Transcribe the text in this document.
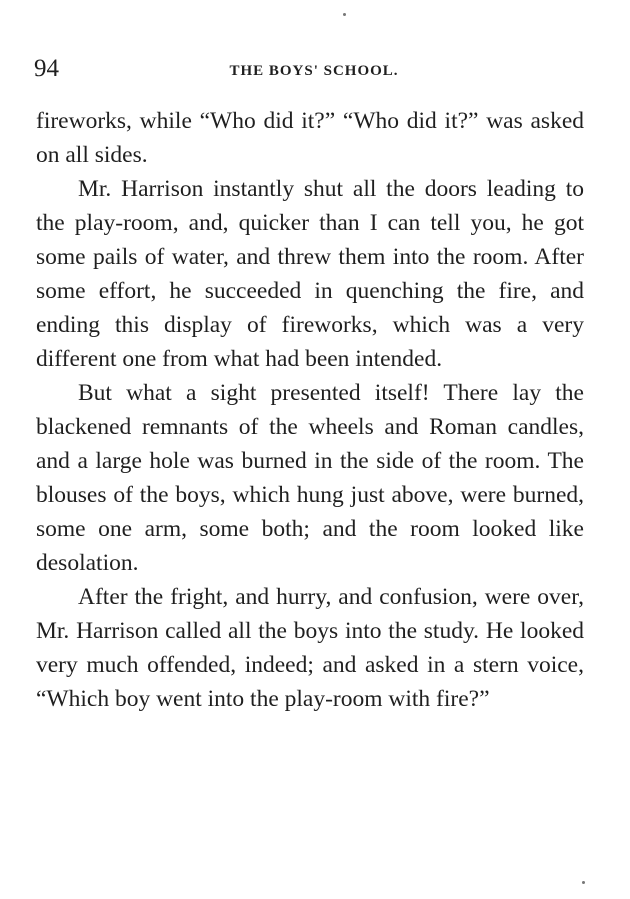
94	THE BOYS' SCHOOL.

fireworks, while “Who did it?” “Who did it?” was asked on all sides.

Mr. Harrison instantly shut all the doors leading to the play-room, and, quicker than I can tell you, he got some pails of water, and threw them into the room. After some effort, he succeeded in quenching the fire, and ending this display of fireworks, which was a very different one from what had been intended.

But what a sight presented itself! There lay the blackened remnants of the wheels and Roman candles, and a large hole was burned in the side of the room. The blouses of the boys, which hung just above, were burned, some one arm, some both; and the room looked like desolation.

After the fright, and hurry, and confusion, were over, Mr. Harrison called all the boys into the study. He looked very much offended, indeed; and asked in a stern voice, “Which boy went into the play-room with fire?”
